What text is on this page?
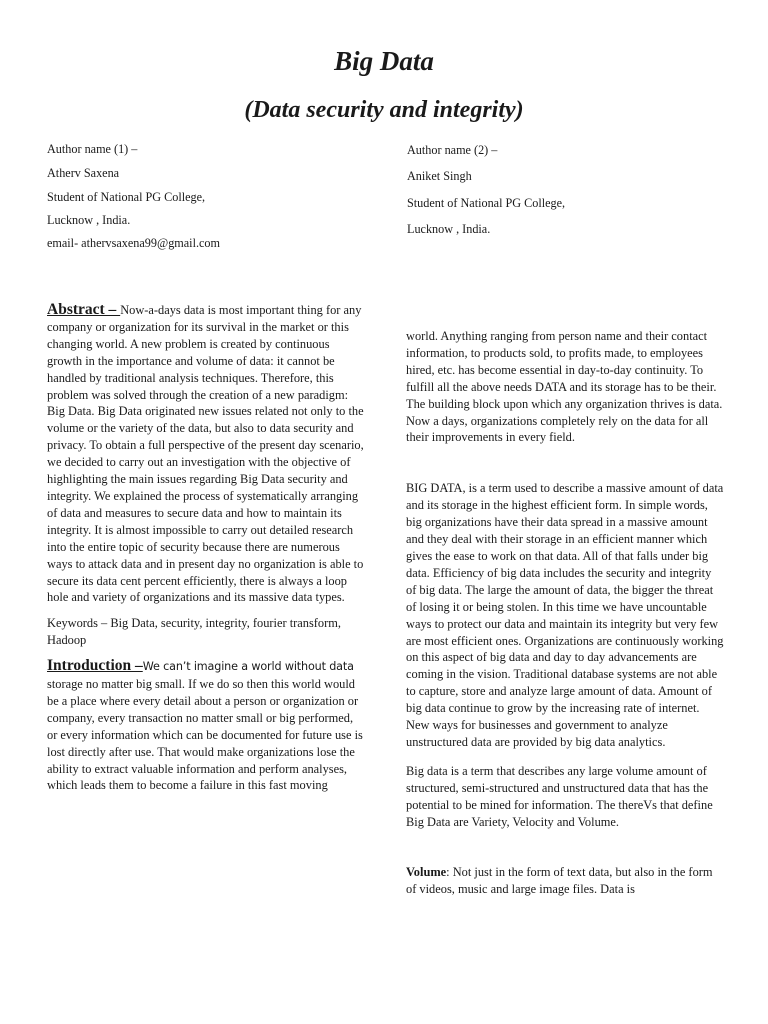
Big Data
(Data security and integrity)
Author name (1) –
Atherv Saxena
Student of National PG College,
Lucknow , India.
email- athervsaxena99@gmail.com
Author name (2) –
Aniket Singh
Student of National PG College,
Lucknow , India.

Abstract – Now-a-days data is most important thing for any company or organization for its survival in the market or this changing world. A new problem is created by continuous growth in the importance and volume of data: it cannot be handled by traditional analysis techniques. Therefore, this problem was solved through the creation of a new paradigm: Big Data. Big Data originated new issues related not only to the volume or the variety of the data, but also to data security and privacy. To obtain a full perspective of the present day scenario, we decided to carry out an investigation with the objective of highlighting the main issues regarding Big Data security and integrity. We explained the process of systematically arranging of data and measures to secure data and how to maintain its integrity. It is almost impossible to carry out detailed research into the entire topic of security because there are numerous ways to attack data and in present day no organization is able to secure its data cent percent efficiently, there is always a loop hole and variety of organizations and its massive data types.

Keywords – Big Data, security, integrity, fourier transform, Hadoop

Introduction –We can’t imagine a world without data storage no matter big small. If we do so then this world would be a place where every detail about a person or organization or company, every transaction no matter small or big performed, or every information which can be documented for future use is lost directly after use. That would make organizations lose the ability to extract valuable information and perform analyses, which leads them to become a failure in this fast moving

world. Anything ranging from person name and their contact information, to products sold, to profits made, to employees hired, etc. has become essential in day-to-day continuity. To fulfill all the above needs DATA and its storage has to be their. The building block upon which any organization thrives is data. Now a days, organizations completely rely on the data for all their improvements in every field.

BIG DATA, is a term used to describe a massive amount of data and its storage in the highest efficient form. In simple words, big organizations have their data spread in a massive amount and they deal with their storage in an efficient manner which gives the ease to work on that data. All of that falls under big data. Efficiency of big data includes the security and integrity of big data. The large the amount of data, the bigger the threat of losing it or being stolen. In this time we have uncountable ways to protect our data and maintain its integrity but very few are most efficient ones. Organizations are continuously working on this aspect of big data and day to day advancements are coming in the vision. Traditional database systems are not able to capture, store and analyze large amount of data. Amount of big data continue to grow by the increasing rate of internet. New ways for businesses and government to analyze unstructured data are provided by big data analytics.

Big data is a term that describes any large volume amount of structured, semi-structured and unstructured data that has the potential to be mined for information. The thereVs that define Big Data are Variety, Velocity and Volume.

Volume: Not just in the form of text data, but also in the form of videos, music and large image files. Data is
